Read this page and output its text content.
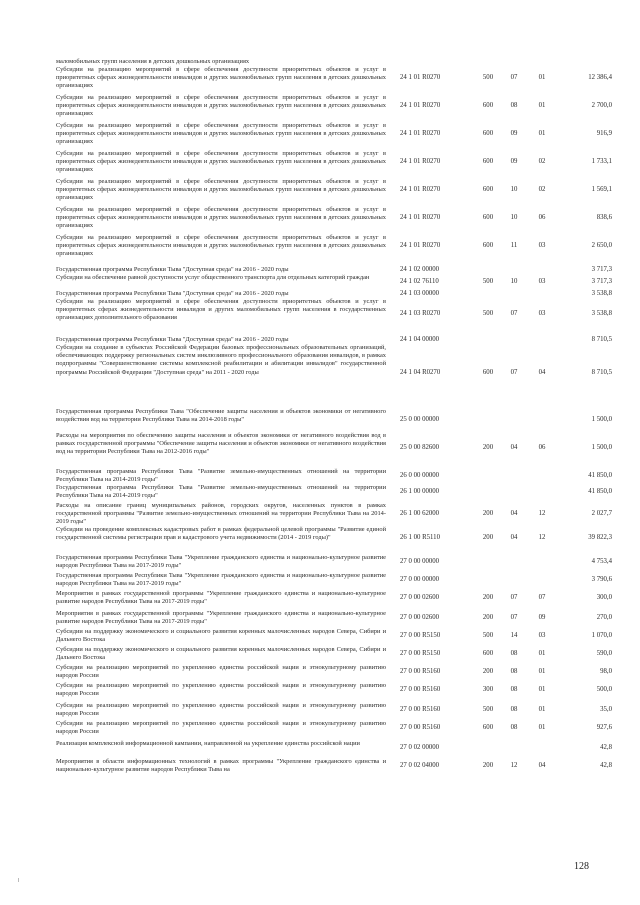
маломобильных групп населения в детских дошкольных организациях
Субсидии на реализацию мероприятий в сфере обеспечения доступности приоритетных объектов и услуг в приоритетных сферах жизнедеятельности инвалидов и других маломобильных групп населения в детских дошкольных организациях
24 1 01 R0270	500	07	01	12 386,4
Субсидии на реализацию мероприятий в сфере обеспечения доступности приоритетных объектов и услуг в приоритетных сферах жизнедеятельности инвалидов и других маломобильных групп населения в детских дошкольных организациях
24 1 01 R0270	600	08	01	2 700,0
Субсидии на реализацию мероприятий в сфере обеспечения доступности приоритетных объектов и услуг в приоритетных сферах жизнедеятельности инвалидов и других маломобильных групп населения в детских дошкольных организациях
24 1 01 R0270	600	09	01	916,9
Субсидии на реализацию мероприятий в сфере обеспечения доступности приоритетных объектов и услуг в приоритетных сферах жизнедеятельности инвалидов и других маломобильных групп населения в детских дошкольных организациях
24 1 01 R0270	600	09	02	1 733,1
Субсидии на реализацию мероприятий в сфере обеспечения доступности приоритетных объектов и услуг в приоритетных сферах жизнедеятельности инвалидов и других маломобильных групп населения в детских дошкольных организациях
24 1 01 R0270	600	10	02	1 569,1
Субсидии на реализацию мероприятий в сфере обеспечения доступности приоритетных объектов и услуг в приоритетных сферах жизнедеятельности инвалидов и других маломобильных групп населения в детских дошкольных организациях
24 1 01 R0270	600	10	06	838,6
Субсидии на реализацию мероприятий в сфере обеспечения доступности приоритетных объектов и услуг в приоритетных сферах жизнедеятельности инвалидов и других маломобильных групп населения в детских дошкольных организациях
24 1 01 R0270	600	11	03	2 650,0
Государственная программа Республики Тыва "Доступная среда" на 2016 - 2020 годы	24 1 02 00000	3 717,3
Субсидии на обеспечение равной доступности услуг общественного транспорта для отдельных категорий граждан
24 1 02 76110	500	10	03	3 717,3
Государственная программа Республики Тыва "Доступная среда" на 2016 - 2020 годы	24 1 03 00000	3 538,8
Субсидии на реализацию мероприятий в сфере обеспечения доступности приоритетных объектов и услуг в приоритетных сферах жизнедеятельности инвалидов и других маломобильных групп населения в государственных организациях дополнительного образования
24 1 03 R0270	500	07	03	3 538,8
Государственная программа Республики Тыва "Доступная среда" на 2016 - 2020 годы	24 1 04 00000	8 710,5
Субсидии на создание в субъектах Российской Федерации базовых профессиональных образовательных организаций, обеспечивающих поддержку региональных систем инклюзивного профессионального образования инвалидов, в рамках подпрограммы "Совершенствование системы комплексной реабилитации и абилитации инвалидов" государственной программы Российской Федерации "Доступная среда" на 2011 - 2020 годы	24 1 04 R0270	600	07	04	8 710,5
Государственная программа Республики Тыва "Обеспечение защиты населения и объектов экономики от негативного воздействия вод на территории Республики Тыва на 2014-2018 годы"	25 0 00 00000	1 500,0
Расходы на мероприятия по обеспечению защиты населения и объектов экономики от негативного воздействия вод в рамках государственной программы "Обеспечение защиты населения и объектов экономики от негативного воздействия вод на территории Республики Тыва на 2012-2016 годы"
25 0 00 82600	200	04	06	1 500,0
Государственная программа Республики Тыва "Развитие земельно-имущественных отношений на территории Республики Тыва на 2014-2019 годы"
26 0 00 00000	41 850,0
Государственная программа Республики Тыва "Развитие земельно-имущественных отношений на территории Республики Тыва на 2014-2019 годы"
26 1 00 00000	41 850,0
Расходы на описание границ муниципальных районов, городских округов, населенных пунктов в рамках государственной программы "Развитие земельно-имущественных отношений на территории Республики Тыва на 2014-2019 годы"
26 1 00 62000	200	04	12	2 027,7
Субсидии на проведение комплексных кадастровых работ в рамках федеральной целевой программы "Развитие единой государственной системы регистрации прав и кадастрового учета недвижимости (2014 - 2019 годы)"	26 1 00 R5110	200	04	12	39 822,3
Государственная программа Республики Тыва "Укрепление гражданского единства и национально-культурное развитие народов Республики Тыва на 2017-2019 годы"
27 0 00 00000	4 753,4
Государственная программа Республики Тыва "Укрепление гражданского единства и национально-культурное развитие народов Республики Тыва на 2017-2019 годы"
27 0 00 00000	3 790,6
Мероприятия в рамках государственной программы "Укрепление гражданского единства и национально-культурное развитие народов Республики Тыва на 2017-2019 годы"
27 0 00 02600	200	07	07	300,0
Мероприятия в рамках государственной программы "Укрепление гражданского единства и национально-культурное развитие народов Республики Тыва на 2017-2019 годы"
27 0 00 02600	200	07	09	270,0
Субсидии на поддержку экономического и социального развития коренных малочисленных народов Севера, Сибири и Дальнего Востока
27 0 00 R5150	500	14	03	1 070,0
Субсидии на поддержку экономического и социального развития коренных малочисленных народов Севера, Сибири и Дальнего Востока
27 0 00 R5150	600	08	01	590,0
Субсидии на реализацию мероприятий по укреплению единства российской нации и этнокультурному развитию народов России
27 0 00 R5160	200	08	01	98,0
Субсидии на реализацию мероприятий по укреплению единства российской нации и этнокультурному развитию народов России
27 0 00 R5160	300	08	01	500,0
Субсидии на реализацию мероприятий по укреплению единства российской нации и этнокультурному развитию народов России
27 0 00 R5160	500	08	01	35,0
Субсидии на реализацию мероприятий по укреплению единства российской нации и этнокультурному развитию народов России
27 0 00 R5160	600	08	01	927,6
Реализация комплексной информационной кампании, направленной на укрепление единства российской нации
27 0 02 00000	42,8
Мероприятия в области информационных технологий в рамках программы "Укрепление гражданского единства и национально-культурное развитие народов Республики Тыва на
27 0 02 04000	200	12	04	42,8
128
